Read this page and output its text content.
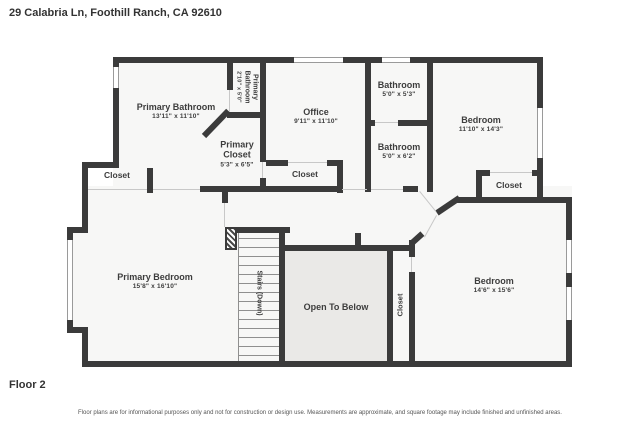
29 Calabria Ln, Foothill Ranch, CA 92610
Primary Bathroom
13'11" x 11'10"
Primary Bathroom
2'10" x 5'0"
Office
9'11" x 11'10"
Bathroom
5'0" x 5'3"
Bathroom
5'0" x 6'2"
Bedroom
11'10" x 14'3"
Primary Closet
5'3" x 6'5"
Closet	Closet
Closet
Primary Bedroom
15'8" x 16'10"	Stairs (Down)	Open To Below	Closet
Bedroom
14'6" x 15'6"
Floor 2
Floor plans are for informational purposes only and not for construction or design use. Measurements are approximate, and square footage may include finished and unfinished areas.
